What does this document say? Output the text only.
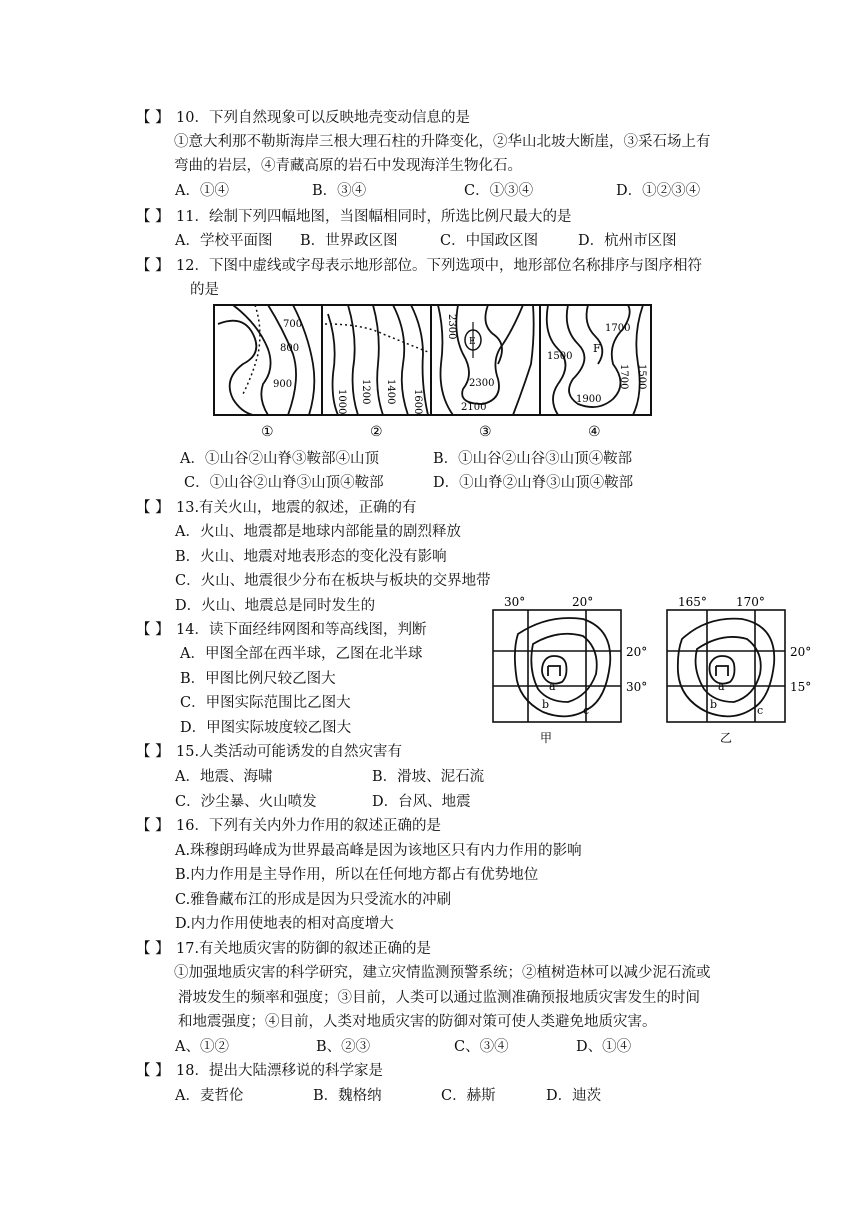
【 】 10．下列自然现象可以反映地壳变动信息的是
①意大利那不勒斯海岸三根大理石柱的升降变化，②华山北坡大断崖，③采石场上有
弯曲的岩层，④青藏高原的岩石中发现海洋生物化石。
A．①④	B．③④	C．①③④	D．①②③④
【 】 11．绘制下列四幅地图，当图幅相同时，所选比例尺最大的是
A．学校平面图 B．世界政区图	C．中国政区图	D．杭州市区图
【 】 12．下图中虚线或字母表示地形部位。下列选项中，地形部位名称排序与图序相符
的是
700
800
900
1000 1200 1400 1600
E
2300
2300
2100
1700
1500
F
1700 1500
1900
①	②	③	④
A．①山谷②山脊③鞍部④山顶	B．①山谷②山谷③山顶④鞍部
C．①山谷②山脊③山顶④鞍部	D．①山脊②山脊③山顶④鞍部
【 】 13.有关火山，地震的叙述，正确的有
A．火山、地震都是地球内部能量的剧烈释放
B．火山、地震对地表形态的变化没有影响
C．火山、地震很少分布在板块与板块的交界地带
D．火山、地震总是同时发生的
【 】 14．读下面经纬网图和等高线图，判断
A．甲图全部在西半球，乙图在北半球
B．甲图比例尺较乙图大
C．甲图实际范围比乙图大
D．甲图实际坡度较乙图大
30°	20°
20°
30°
a
b	c
甲
165° 170°
20°
15°
a
b	c
乙
【 】 15.人类活动可能诱发的自然灾害有
A．地震、海啸	B．滑坡、泥石流
C．沙尘暴、火山喷发	D．台风、地震
【 】 16．下列有关内外力作用的叙述正确的是
A.珠穆朗玛峰成为世界最高峰是因为该地区只有内力作用的影响
B.内力作用是主导作用，所以在任何地方都占有优势地位
C.雅鲁藏布江的形成是因为只受流水的冲刷
D.内力作用使地表的相对高度增大
【 】 17.有关地质灾害的防御的叙述正确的是
①加强地质灾害的科学研究，建立灾情监测预警系统；②植树造林可以减少泥石流或
滑坡发生的频率和强度；③目前，人类可以通过监测准确预报地质灾害发生的时间
和地震强度；④目前，人类对地质灾害的防御对策可使人类避免地质灾害。
A、①②	B、②③	C、③④	D、①④
【 】 18．提出大陆漂移说的科学家是
A．麦哲伦	B．魏格纳	C．赫斯	D．迪茨
